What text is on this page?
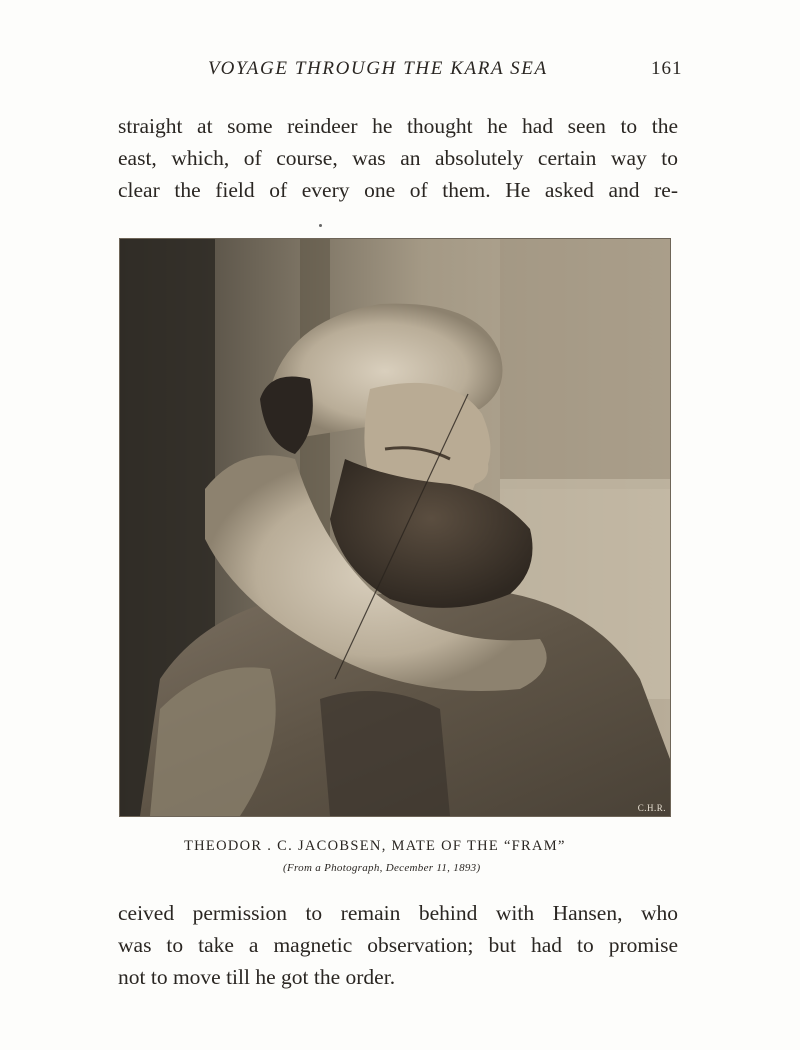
VOYAGE THROUGH THE KARA SEA	161
straight at some reindeer he thought he had seen to the
east, which, of course, was an absolutely certain way to
clear the field of every one of them. He asked and re-
C.H.R.
THEODOR . C. JACOBSEN, MATE OF THE “FRAM”
(From a Photograph, December 11, 1893)
ceived permission to remain behind with Hansen, who
was to take a magnetic observation; but had to promise
not to move till he got the order.
